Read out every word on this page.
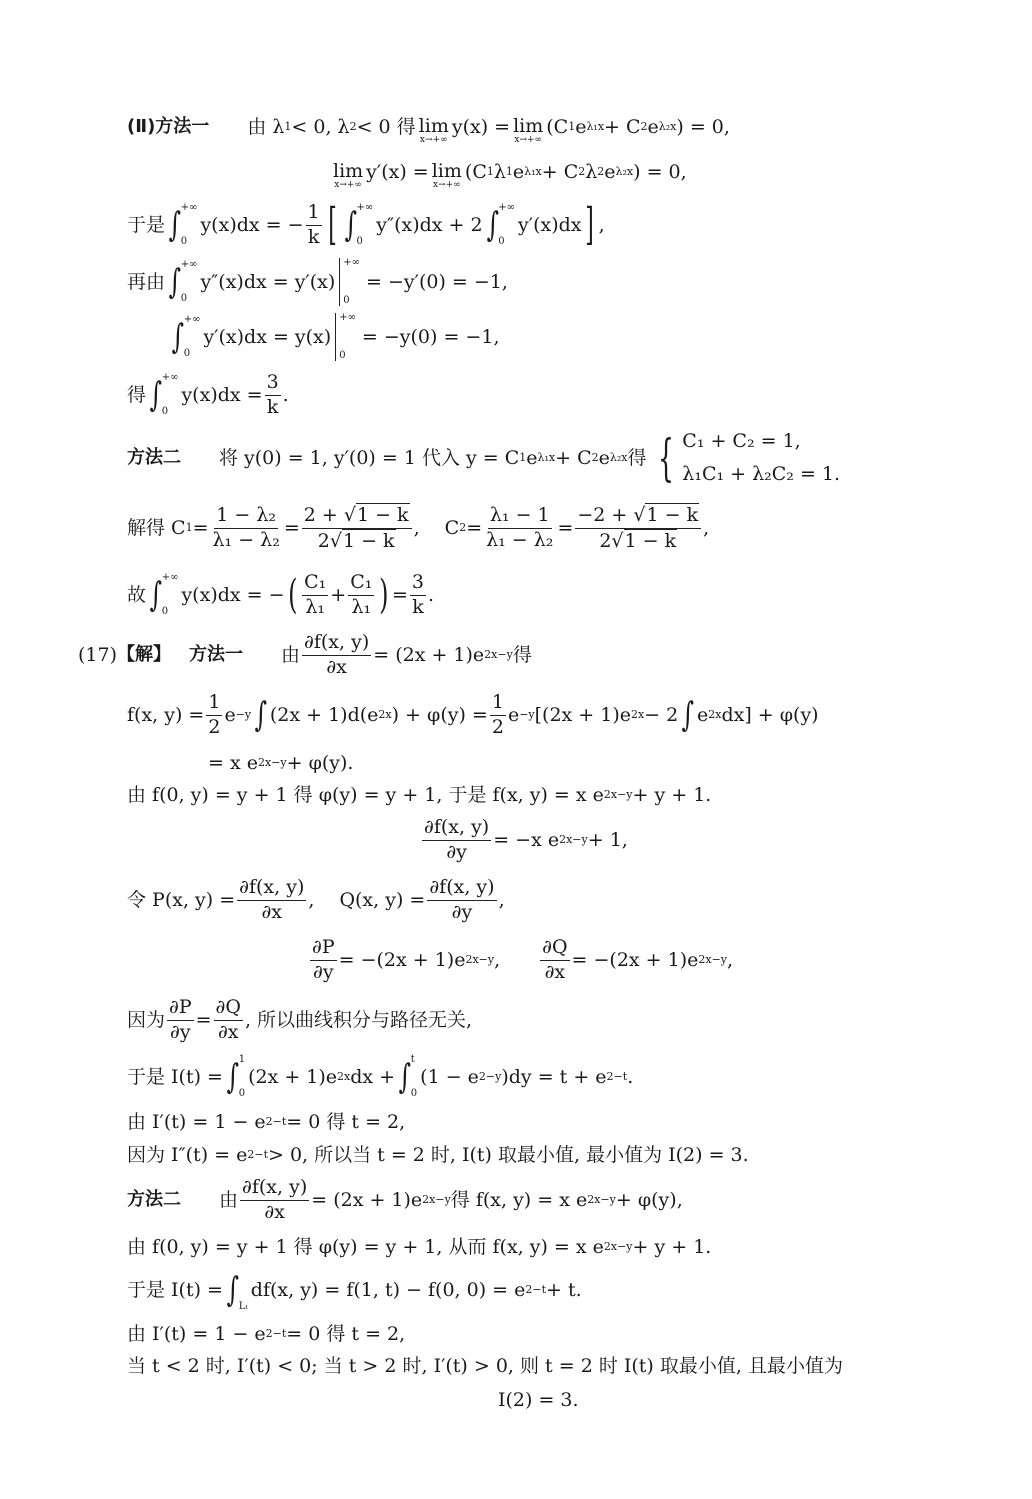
(Ⅱ)方法一 　　由 λ 1 < 0, λ 2 < 0 得 lim
x→+∞
y(x) = lim
x→+∞
(C 1 e λ₁x + C 2 e λ₂x ) = 0,
lim
x→+∞
y′(x) = lim
x→+∞
(C 1 λ 1 e λ₁x + C 2 λ 2 e λ₂x ) = 0,
于是 ∫ +∞
0
y(x)dx = − $\frac{1}{k}$ [ ∫ +∞
0
y″(x)dx + 2 ∫ +∞
0
y′(x)dx ] ,
再由 ∫ +∞
0
y″(x)dx = y′(x)
+∞
0
= −y′(0) = −1,
∫ +∞
0
y′(x)dx = y(x)
+∞
0
= −y(0) = −1,
得 ∫ +∞
0
$y(x)dx = \frac{3}{k}$ .
方法二 　　将 y(0) = 1, y′(0) = 1 代入 y = C 1 e λ₁x + C 2 e λ₂x 得 { C₁ + C₂ = 1,
λ₁C₁ + λ₂C₂ = 1.
解得 C $1 = \frac{\text{1 − λ₂}}{\text{λ₁ − λ₂}} = \frac{2 + √ 1 - k}{2 √ 1 - k}$ ,　 C $2 = \frac{\text{λ₁ − 1}}{\text{λ₁ − λ₂}} = \frac{-2 + √ 1 - k}{2 √ 1 - k}$ ,
故 ∫ +∞
0
y(x)dx = − ( $\frac{\text{C₁}}{\text{λ₁}} + \frac{\text{C₁}}{\text{λ₁}}$ ) = $\frac{3}{k}$ .
(17) 【解】 　方法一 　　由 $\frac{\partial f(x, y)}{\partial x} = (2x + 1)e$ 2x−y 得
f(x, $y) = \frac{1}{2}$ e −y ∫ (2x + 1)d(e 2x ) + $\varphi(y) = \frac{1}{2}$ e −y [(2x + 1)e 2x − 2 ∫ e 2x dx] + φ(y)
= x e 2x−y + φ(y).
由 f(0, y) = y + 1 得 φ(y) = y + 1, 于是 f(x, y) = x e 2x−y + y + 1.
$\frac{\partial f(x, y)}{\partial y} = -x$ e 2x−y + 1,
令 P(x, $y) = \frac{\partial f(x, y)}{\partial x}$ ,　 Q(x, $y) = \frac{\partial f(x, y)}{\partial y}$ ,
$\frac{\partial P}{\partial y} = -(2x + 1)e$ 2x−y ,　　 $\frac{\partial Q}{\partial x} = -(2x + 1)e$ 2x−y ,
因为 $\frac{\partial P}{\partial y} = \frac{\partial Q}{\partial x}$ , 所以曲线积分与路径无关,
于是 I(t) = ∫ 1
0
(2x + 1)e 2x dx + ∫ t
0
(1 − e 2−y )dy = t + e 2−t .
由 I′(t) = 1 − e 2−t = 0 得 t = 2,
因为 I″(t) = e 2−t > 0, 所以当 t = 2 时, I(t) 取最小值, 最小值为 I(2) = 3.
方法二 　　由 $\frac{\partial f(x, y)}{\partial x} = (2x + 1)e$ 2x−y 得 f(x, y) = x e 2x−y + φ(y),
由 f(0, y) = y + 1 得 φ(y) = y + 1, 从而 f(x, y) = x e 2x−y + y + 1.
于是 I(t) = ∫ Lₜ
df(x, y) = f(1, t) − f(0, 0) = e 2−t + t.
由 I′(t) = 1 − e 2−t = 0 得 t = 2,
当 t < 2 时, I′(t) < 0; 当 t > 2 时, I′(t) > 0, 则 t = 2 时 I(t) 取最小值, 且最小值为
I(2) = 3.
